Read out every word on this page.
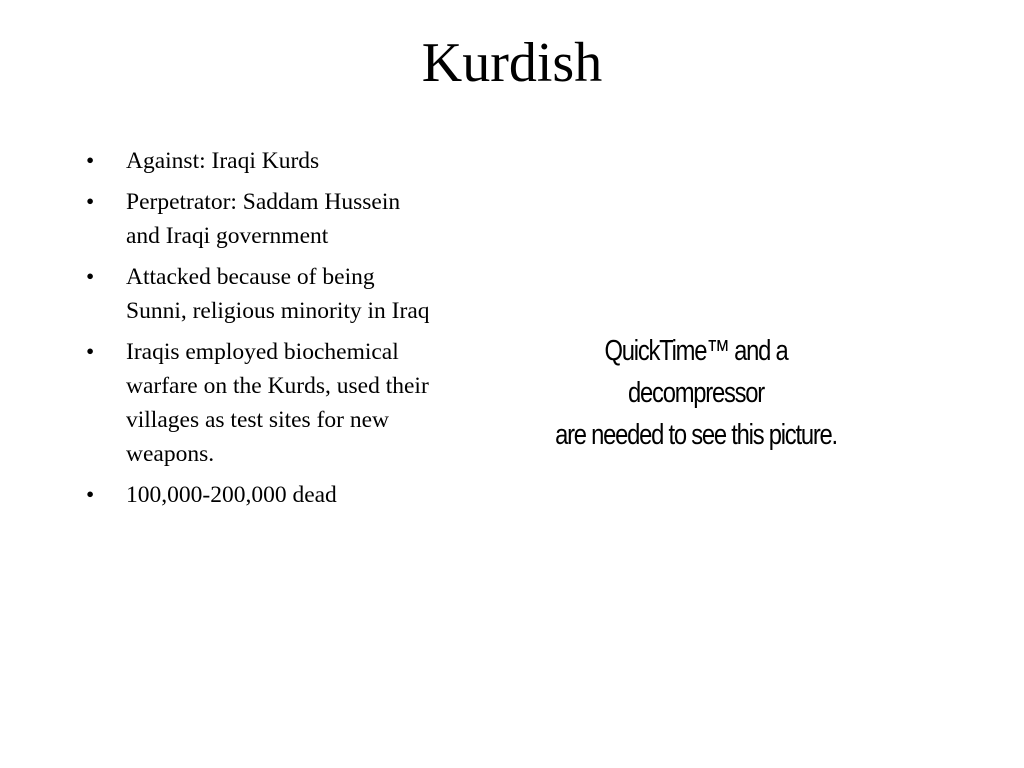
Kurdish
•	Against: Iraqi Kurds
•	Perpetrator: Saddam Hussein
and Iraqi government
•	Attacked because of being
Sunni, religious minority in Iraq
•	Iraqis employed biochemical
warfare on the Kurds, used their
villages as test sites for new
weapons.
•	100,000-200,000 dead
QuickTime™ and a
decompressor
are needed to see this picture.
